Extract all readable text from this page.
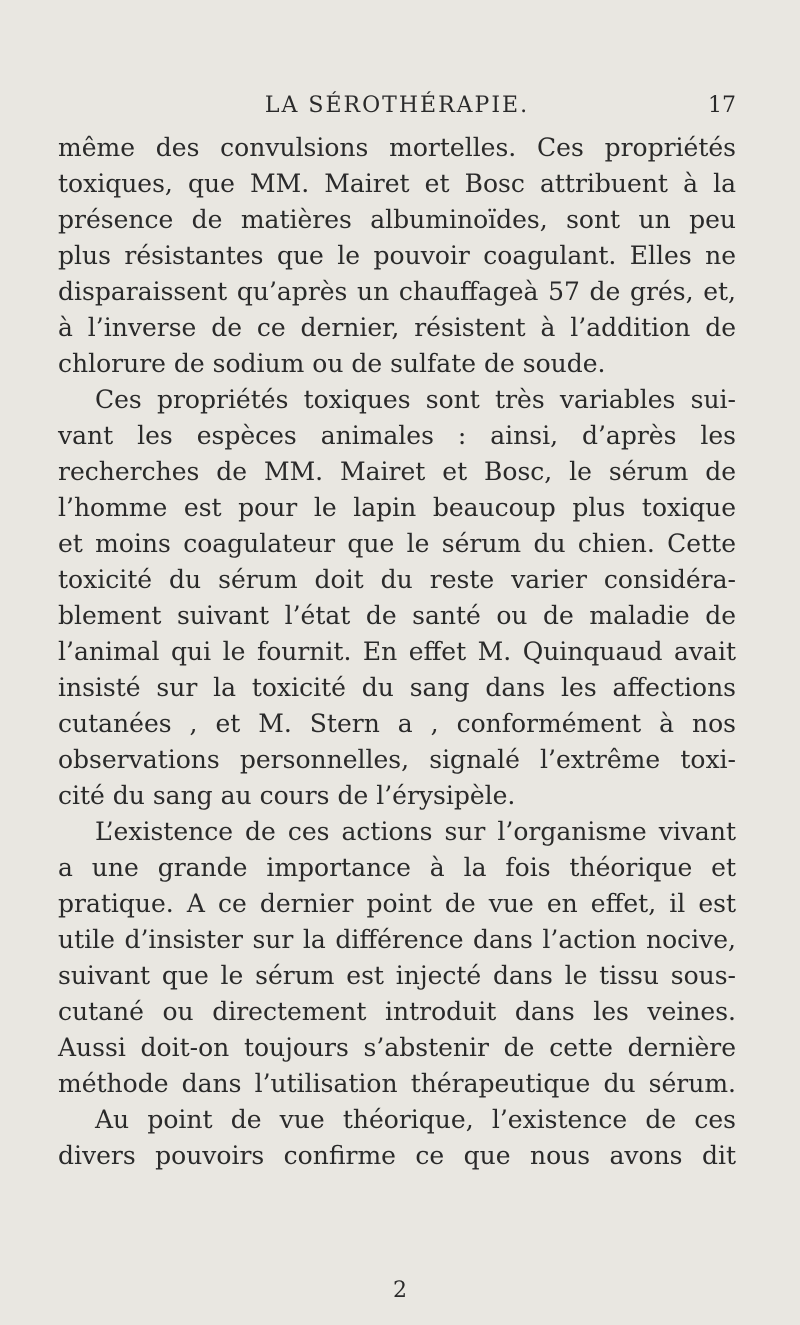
LA SÉROTHÉRAPIE.	17
même des convulsions mortelles. Ces propriétés
toxiques, que MM. Mairet et Bosc attribuent à la
présence de matières albuminoïdes, sont un peu
plus résistantes que le pouvoir coagulant. Elles ne
disparaissent qu’après un chauffageà 57 de grés, et,
à l’inverse de ce dernier, résistent à l’addition de
chlorure de sodium ou de sulfate de soude.
Ces propriétés toxiques sont très variables sui-
vant les espèces animales : ainsi, d’après les
recherches de MM. Mairet et Bosc, le sérum de
l’homme est pour le lapin beaucoup plus toxique
et moins coagulateur que le sérum du chien. Cette
toxicité du sérum doit du reste varier considéra-
blement suivant l’état de santé ou de maladie de
l’animal qui le fournit. En effet M. Quinquaud avait
insisté sur la toxicité du sang dans les affections
cutanées , et M. Stern a , conformément à nos
observations personnelles, signalé l’extrême toxi-
cité du sang au cours de l’érysipèle.
L’existence de ces actions sur l’organisme vivant
a une grande importance à la fois théorique et
pratique. A ce dernier point de vue en effet, il est
utile d’insister sur la différence dans l’action nocive,
suivant que le sérum est injecté dans le tissu sous-
cutané ou directement introduit dans les veines.
Aussi doit-on toujours s’abstenir de cette dernière
méthode dans l’utilisation thérapeutique du sérum.
Au point de vue théorique, l’existence de ces
divers pouvoirs confirme ce que nous avons dit
2
